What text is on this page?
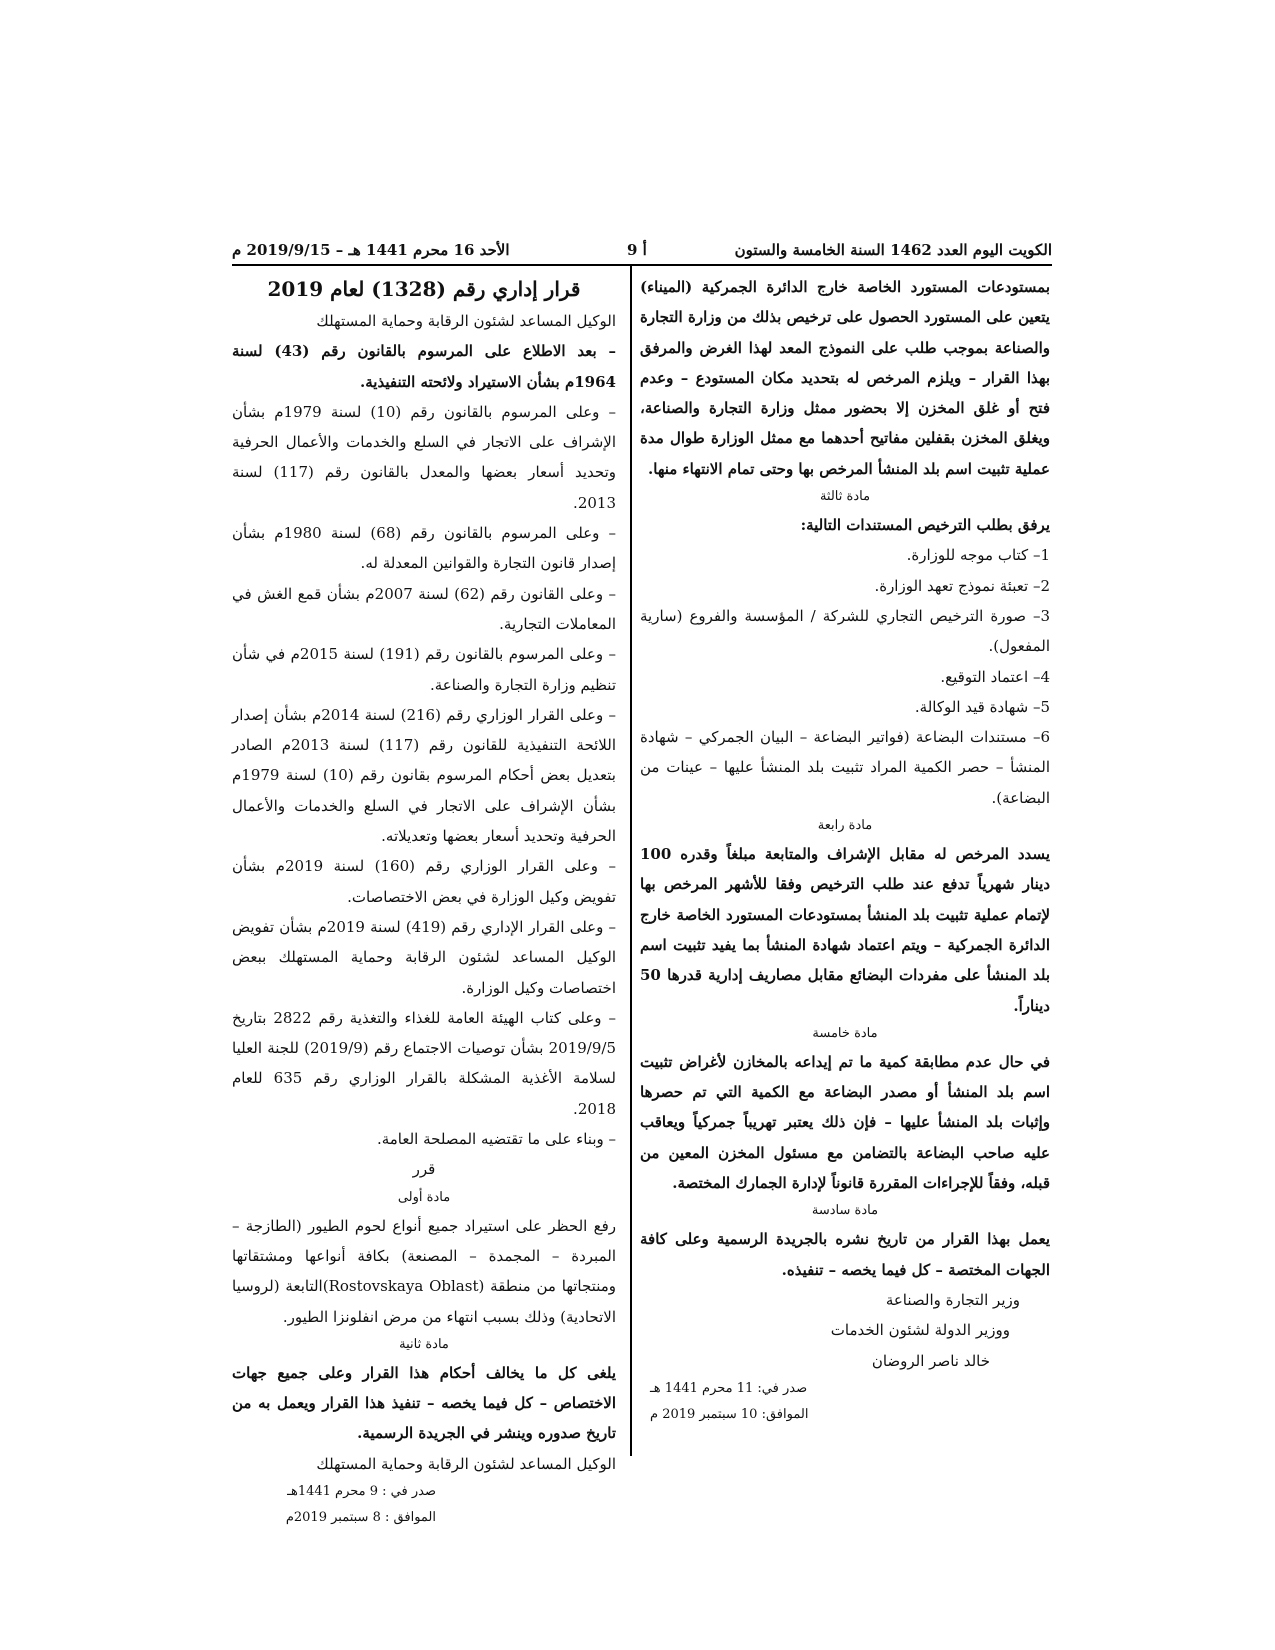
الكويت اليوم العدد 1462 السنة الخامسة والستون
أ 9
الأحد 16 محرم 1441 هـ – 2019/9/15 م

بمستودعات المستورد الخاصة خارج الدائرة الجمركية (الميناء) يتعين على المستورد الحصول على ترخيص بذلك من وزارة التجارة والصناعة بموجب طلب على النموذج المعد لهذا الغرض والمرفق بهذا القرار – ويلزم المرخص له بتحديد مكان المستودع – وعدم فتح أو غلق المخزن إلا بحضور ممثل وزارة التجارة والصناعة، ويغلق المخزن بقفلين مفاتيح أحدهما مع ممثل الوزارة طوال مدة عملية تثبيت اسم بلد المنشأ المرخص بها وحتى تمام الانتهاء منها.

مادة ثالثة

يرفق بطلب الترخيص المستندات التالية:

1– كتاب موجه للوزارة.

2– تعبئة نموذج تعهد الوزارة.

3– صورة الترخيص التجاري للشركة / المؤسسة والفروع (سارية المفعول).

4– اعتماد التوقيع.

5– شهادة قيد الوكالة.

6– مستندات البضاعة (فواتير البضاعة – البيان الجمركي – شهادة المنشأ – حصر الكمية المراد تثبيت بلد المنشأ عليها – عينات من البضاعة).

مادة رابعة

يسدد المرخص له مقابل الإشراف والمتابعة مبلغاً وقدره 100 دينار شهرياً تدفع عند طلب الترخيص وفقا للأشهر المرخص بها لإتمام عملية تثبيت بلد المنشأ بمستودعات المستورد الخاصة خارج الدائرة الجمركية – ويتم اعتماد شهادة المنشأ بما يفيد تثبيت اسم بلد المنشأ على مفردات البضائع مقابل مصاريف إدارية قدرها 50 ديناراً.

مادة خامسة

في حال عدم مطابقة كمية ما تم إيداعه بالمخازن لأغراض تثبيت اسم بلد المنشأ أو مصدر البضاعة مع الكمية التي تم حصرها وإثبات بلد المنشأ عليها – فإن ذلك يعتبر تهريباً جمركياً ويعاقب عليه صاحب البضاعة بالتضامن مع مسئول المخزن المعين من قبله، وفقاً للإجراءات المقررة قانوناً لإدارة الجمارك المختصة.

مادة سادسة

يعمل بهذا القرار من تاريخ نشره بالجريدة الرسمية وعلى كافة الجهات المختصة – كل فيما يخصه – تنفيذه.

وزير التجارة والصناعة

ووزير الدولة لشئون الخدمات

خالد ناصر الروضان

صدر في: 11 محرم 1441 هـ

الموافق: 10 سبتمبر 2019 م

قرار إداري رقم (1328) لعام 2019

الوكيل المساعد لشئون الرقابة وحماية المستهلك

– بعد الاطلاع على المرسوم بالقانون رقم (43) لسنة 1964م بشأن الاستيراد ولائحته التنفيذية.

– وعلى المرسوم بالقانون رقم (10) لسنة 1979م بشأن الإشراف على الاتجار في السلع والخدمات والأعمال الحرفية وتحديد أسعار بعضها والمعدل بالقانون رقم (117) لسنة 2013.

– وعلى المرسوم بالقانون رقم (68) لسنة 1980م بشأن إصدار قانون التجارة والقوانين المعدلة له.

– وعلى القانون رقم (62) لسنة 2007م بشأن قمع الغش في المعاملات التجارية.

– وعلى المرسوم بالقانون رقم (191) لسنة 2015م في شأن تنظيم وزارة التجارة والصناعة.

– وعلى القرار الوزاري رقم (216) لسنة 2014م بشأن إصدار اللائحة التنفيذية للقانون رقم (117) لسنة 2013م الصادر بتعديل بعض أحكام المرسوم بقانون رقم (10) لسنة 1979م بشأن الإشراف على الاتجار في السلع والخدمات والأعمال الحرفية وتحديد أسعار بعضها وتعديلاته.

– وعلى القرار الوزاري رقم (160) لسنة 2019م بشأن تفويض وكيل الوزارة في بعض الاختصاصات.

– وعلى القرار الإداري رقم (419) لسنة 2019م بشأن تفويض الوكيل المساعد لشئون الرقابة وحماية المستهلك ببعض اختصاصات وكيل الوزارة.

– وعلى كتاب الهيئة العامة للغذاء والتغذية رقم 2822 بتاريخ 2019/9/5 بشأن توصيات الاجتماع رقم (2019/9) للجنة العليا لسلامة الأغذية المشكلة بالقرار الوزاري رقم 635 للعام 2018.

– وبناء على ما تقتضيه المصلحة العامة.

قرر

مادة أولى

رفع الحظر على استيراد جميع أنواع لحوم الطيور (الطازجة – المبردة – المجمدة – المصنعة) بكافة أنواعها ومشتقاتها ومنتجاتها من منطقة (Rostovskaya Oblast)التابعة (لروسيا الاتحادية) وذلك بسبب انتهاء من مرض انفلونزا الطيور.

مادة ثانية

يلغى كل ما يخالف أحكام هذا القرار وعلى جميع جهات الاختصاص – كل فيما يخصه – تنفيذ هذا القرار ويعمل به من تاريخ صدوره وينشر في الجريدة الرسمية.

الوكيل المساعد لشئون الرقابة وحماية المستهلك

صدر في : 9 محرم 1441هـ

الموافق : 8 سبتمبر 2019م
